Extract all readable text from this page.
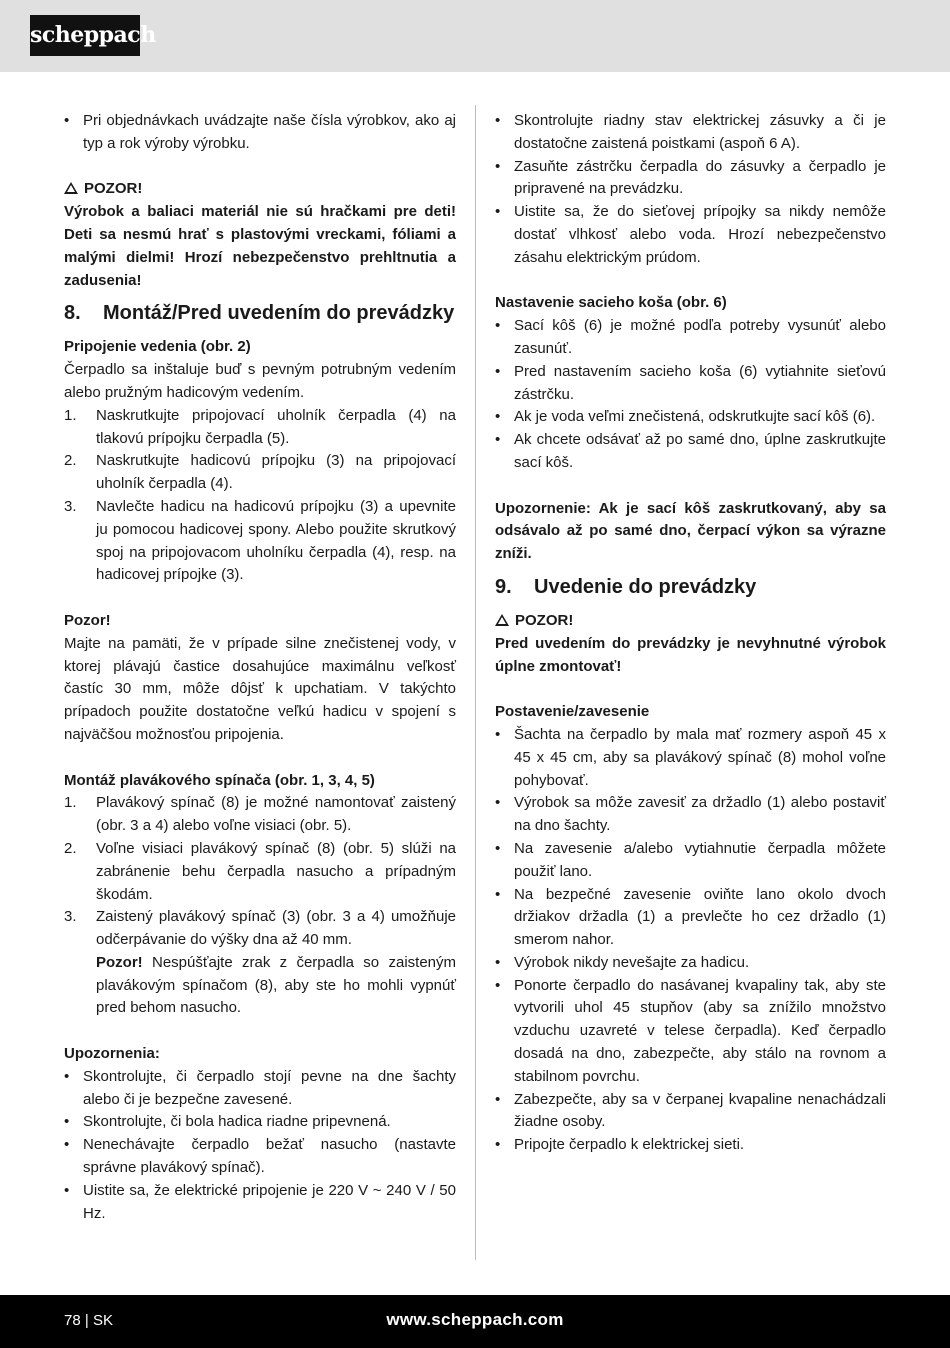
scheppach
• Pri objednávkach uvádzajte naše čísla výrobkov, ako aj typ a rok výroby výrobku.
POZOR!
Výrobok a baliaci materiál nie sú hračkami pre deti! Deti sa nesmú hrať s plastovými vreckami, fóliami a malými dielmi! Hrozí nebezpečenstvo prehltnutia a zadusenia!
8.	Montáž/Pred uvedením do prevádzky
Pripojenie vedenia (obr. 2)
Čerpadlo sa inštaluje buď s pevným potrubným vedením alebo pružným hadicovým vedením.
1.	Naskrutkujte pripojovací uholník čerpadla (4) na tlakovú prípojku čerpadla (5).
2.	Naskrutkujte hadicovú prípojku (3) na pripojovací uholník čerpadla (4).
3.	Navlečte hadicu na hadicovú prípojku (3) a upevnite ju pomocou hadicovej spony. Alebo použite skrutkový spoj na pripojovacom uholníku čerpadla (4), resp. na hadicovej prípojke (3).
Pozor!
Majte na pamäti, že v prípade silne znečistenej vody, v ktorej plávajú častice dosahujúce maximálnu veľkosť častíc 30 mm, môže dôjsť k upchatiam. V takýchto prípadoch použite dostatočne veľkú hadicu v spojení s najväčšou možnosťou pripojenia.
Montáž plavákového spínača (obr. 1, 3, 4, 5)
1.	Plavákový spínač (8) je možné namontovať zaistený (obr. 3 a 4) alebo voľne visiaci (obr. 5).
2.	Voľne visiaci plavákový spínač (8) (obr. 5) slúži na zabránenie behu čerpadla nasucho a prípadným škodám.
3.	Zaistený plavákový spínač (3) (obr. 3 a 4) umožňuje odčerpávanie do výšky dna až 40 mm.
Pozor! Nespúšťajte zrak z čerpadla so zaisteným plavákovým spínačom (8), aby ste ho mohli vypnúť pred behom nasucho.
Upozornenia:
• Skontrolujte, či čerpadlo stojí pevne na dne šachty alebo či je bezpečne zavesené.
• Skontrolujte, či bola hadica riadne pripevnená.
• Nenechávajte čerpadlo bežať nasucho (nastavte správne plavákový spínač).
• Uistite sa, že elektrické pripojenie je 220 V ~ 240 V / 50 Hz.
• Skontrolujte riadny stav elektrickej zásuvky a či je dostatočne zaistená poistkami (aspoň 6 A).
• Zasuňte zástrčku čerpadla do zásuvky a čerpadlo je pripravené na prevádzku.
• Uistite sa, že do sieťovej prípojky sa nikdy nemôže dostať vlhkosť alebo voda. Hrozí nebezpečenstvo zásahu elektrickým prúdom.
Nastavenie sacieho koša (obr. 6)
• Sací kôš (6) je možné podľa potreby vysunúť alebo zasunúť.
• Pred nastavením sacieho koša (6) vytiahnite sieťovú zástrčku.
• Ak je voda veľmi znečistená, odskrutkujte sací kôš (6).
• Ak chcete odsávať až po samé dno, úplne zaskrutkujte sací kôš.
Upozornenie: Ak je sací kôš zaskrutkovaný, aby sa odsávalo až po samé dno, čerpací výkon sa výrazne zníži.
9.	Uvedenie do prevádzky
POZOR!
Pred uvedením do prevádzky je nevyhnutné výrobok úplne zmontovať!
Postavenie/zavesenie
• Šachta na čerpadlo by mala mať rozmery aspoň 45 x 45 x 45 cm, aby sa plavákový spínač (8) mohol voľne pohybovať.
• Výrobok sa môže zavesiť za držadlo (1) alebo postaviť na dno šachty.
• Na zavesenie a/alebo vytiahnutie čerpadla môžete použiť lano.
• Na bezpečné zavesenie oviňte lano okolo dvoch držiakov držadla (1) a prevlečte ho cez držadlo (1) smerom nahor.
• Výrobok nikdy nevešajte za hadicu.
• Ponorte čerpadlo do nasávanej kvapaliny tak, aby ste vytvorili uhol 45 stupňov (aby sa znížilo množstvo vzduchu uzavreté v telese čerpadla). Keď čerpadlo dosadá na dno, zabezpečte, aby stálo na rovnom a stabilnom povrchu.
• Zabezpečte, aby sa v čerpanej kvapaline nenachádzali žiadne osoby.
• Pripojte čerpadlo k elektrickej sieti.
78 | SK	www.scheppach.com
